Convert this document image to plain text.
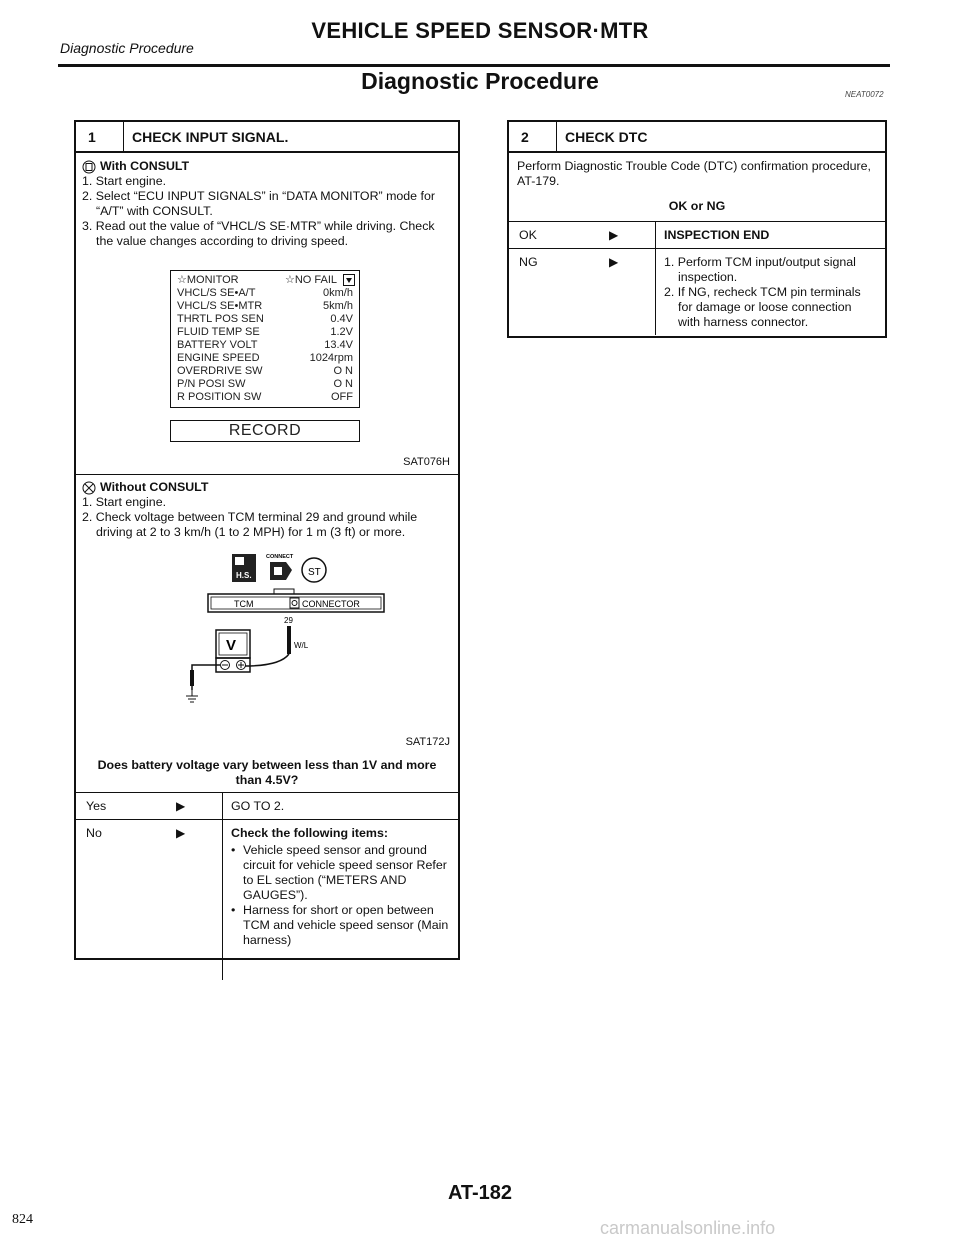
Diagnostic Procedure
VEHICLE SPEED SENSOR·MTR
Diagnostic Procedure
NEAT0072
1	CHECK INPUT SIGNAL.
With CONSULT
1. Start engine.
2. Select “ECU INPUT SIGNALS” in “DATA MONITOR” mode for “A/T” with CONSULT.
3. Read out the value of “VHCL/S SE·MTR” while driving. Check the value changes according to driving speed.
☆MONITOR	☆NO FAIL
VHCL/S SE•A/T	0km/h
VHCL/S SE•MTR	5km/h
THRTL POS SEN	0.4V
FLUID TEMP SE	1.2V
BATTERY VOLT	13.4V
ENGINE SPEED	1024rpm
OVERDRIVE SW	O N
P/N POSI SW	O N
R POSITION SW	OFF
RECORD
SAT076H
Without CONSULT
1. Start engine.
2. Check voltage between TCM terminal 29 and ground while driving at 2 to 3 km/h (1 to 2 MPH) for 1 m (3 ft) or more.
H.S.
CONNECT
ST
TCM	CONNECTOR
29
W/L
V
SAT172J
Does battery voltage vary between less than 1V and more than 4.5V?
Yes	▶	GO TO 2.
No	▶	Check the following items:
• Vehicle speed sensor and ground circuit for vehicle speed sensor Refer to EL section (“METERS AND GAUGES”).
• Harness for short or open between TCM and vehicle speed sensor (Main harness)
2	CHECK DTC
Perform Diagnostic Trouble Code (DTC) confirmation procedure, AT-179.
OK or NG
OK	▶	INSPECTION END
NG	▶	1. Perform TCM input/output signal inspection.
2. If NG, recheck TCM pin terminals for damage or loose connection with harness connector.
AT-182
824	carmanualsonline.info
